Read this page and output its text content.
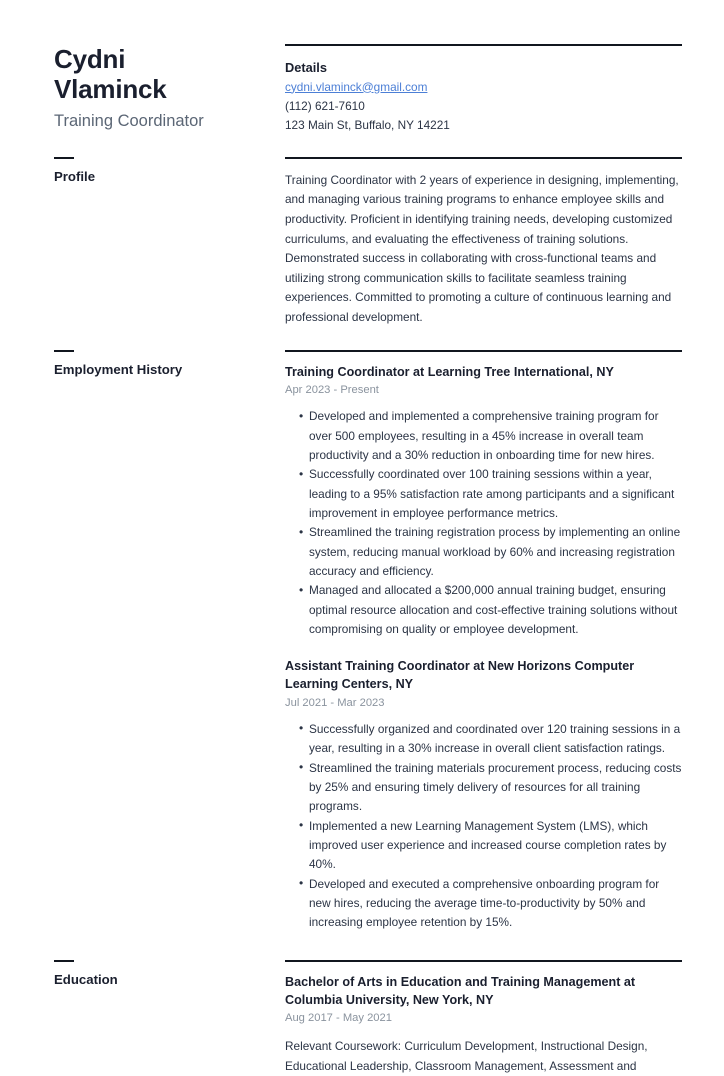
Cydni
Vlaminck
Training Coordinator
Details
cydni.vlaminck@gmail.com
(112) 621-7610
123 Main St, Buffalo, NY 14221
Profile	Training Coordinator with 2 years of experience in designing, implementing, and managing various training programs to enhance employee skills and productivity. Proficient in identifying training needs, developing customized curriculums, and evaluating the effectiveness of training solutions. Demonstrated success in collaborating with cross-functional teams and utilizing strong communication skills to facilitate seamless training experiences. Committed to promoting a culture of continuous learning and professional development.
Employment History	Training Coordinator at Learning Tree International, NY
Apr 2023 - Present
• Developed and implemented a comprehensive training program for over 500 employees, resulting in a 45% increase in overall team productivity and a 30% reduction in onboarding time for new hires.
• Successfully coordinated over 100 training sessions within a year, leading to a 95% satisfaction rate among participants and a significant improvement in employee performance metrics.
• Streamlined the training registration process by implementing an online system, reducing manual workload by 60% and increasing registration accuracy and efficiency.
• Managed and allocated a $200,000 annual training budget, ensuring optimal resource allocation and cost-effective training solutions without compromising on quality or employee development.
Assistant Training Coordinator at New Horizons Computer Learning Centers, NY
Jul 2021 - Mar 2023
• Successfully organized and coordinated over 120 training sessions in a year, resulting in a 30% increase in overall client satisfaction ratings.
• Streamlined the training materials procurement process, reducing costs by 25% and ensuring timely delivery of resources for all training programs.
• Implemented a new Learning Management System (LMS), which improved user experience and increased course completion rates by 40%.
• Developed and executed a comprehensive onboarding program for new hires, reducing the average time-to-productivity by 50% and increasing employee retention by 15%.
Education	Bachelor of Arts in Education and Training Management at Columbia University, New York, NY
Aug 2017 - May 2021
Relevant Coursework: Curriculum Development, Instructional Design, Educational Leadership, Classroom Management, Assessment and
